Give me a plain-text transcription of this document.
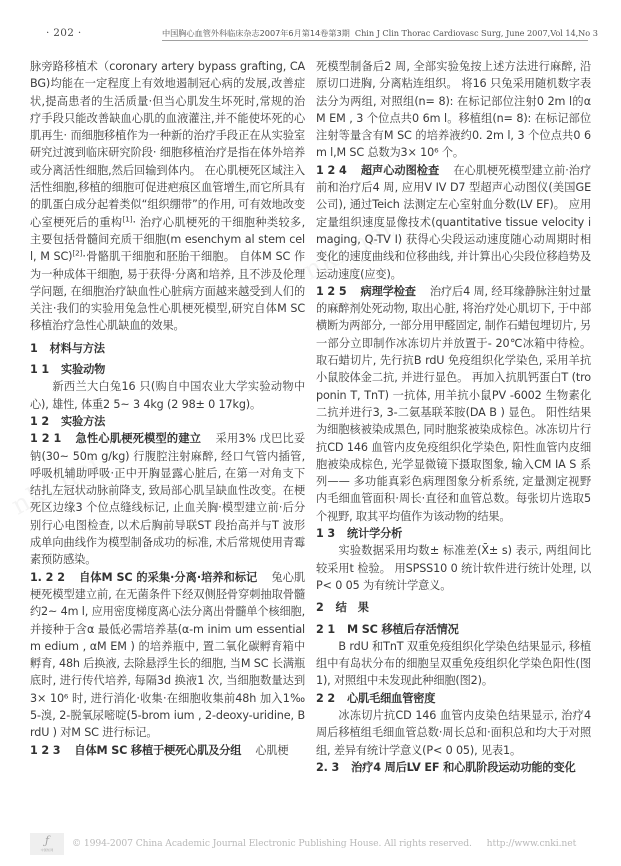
· 202 ·	中国胸心血管外科临床杂志2007年6月第14卷第3期 Chin J Clin Thorac Cardiovasc Surg, June 2007,Vol 14,No 3

脉旁路移植术（coronary artery bypass grafting, CABG)均能在一定程度上有效地遏制冠心病的发展,改善症状,提高患者的生活质量·但当心肌发生坏死时,常规的治疗手段只能改善缺血心肌的血液灌注,并不能使坏死的心肌再生· 而细胞移植作为一种新的治疗手段正在从实验室研究过渡到临床研究阶段· 细胞移植治疗是指在体外培养或分离活性细胞,然后回输到体内。 在心肌梗死区域注入活性细胞,移植的细胞可促进疤痕区血管增生,而它所具有的肌蛋白成分起着类似“组织绷带”的作用, 可有效地改变心室梗死后的重构[1]· 治疗心肌梗死的干细胞种类较多, 主要包括骨髓间充质干细胞(m esenchym al stem cell, M SC)[2]·骨骼肌干细胞和胚胎干细胞。 自体M SC 作为一种成体干细胞, 易于获得·分离和培养, 且不涉及伦理学问题, 在细胞治疗缺血性心脏病方面越来越受到人们的关注·我们的实验用兔急性心肌梗死模型,研究自体M SC 移植治疗急性心肌缺血的效果。

1 材料与方法

1 1 实验动物

新西兰大白兔16 只(购自中国农业大学实验动物中心), 雄性, 体重2 5~ 3 4kg (2 98± 0 17kg)。

1 2 实验方法

1 2 1 急性心肌梗死模型的建立 采用3% 戊巴比妥钠(30~ 50m g/kg) 行腹腔注射麻醉, 经口气管内插管, 呼吸机辅助呼吸·正中开胸显露心脏后, 在第一对角支下结扎左冠状动脉前降支, 致局部心肌呈缺血性改变。在梗死区边缘3 个位点缝线标记, 止血关胸·模型建立前·后分别行心电图检查, 以术后胸前导联ST 段抬高并与T 波形成单向曲线作为模型制备成功的标准, 术后常规使用青霉素预防感染。

1. 2 2 自体M SC 的采集·分离·培养和标记 兔心肌梗死模型建立前, 在无菌条件下经双侧胫骨穿刺抽取骨髓约2~ 4m l, 应用密度梯度离心法分离出骨髓单个核细胞, 并接种于含α 最低必需培养基(α-m inim um essential m edium , αM EM ) 的培养瓶中, 置二氧化碳孵育箱中孵育, 48h 后换液, 去除悬浮生长的细胞, 当M SC 长满瓶底时, 进行传代培养, 每隔3d 换液1 次, 当细胞数量达到3× 10⁶ 时, 进行消化·收集·在细胞收集前48h 加入1‰ 5-溴, 2-脱氧尿嘧啶(5-brom ium , 2-deoxy-uridine, B rdU ) 对M SC 进行标记。

1 2 3 自体M SC 移植于梗死心肌及分组 心肌梗

死模型制备后2 周, 全部实验兔按上述方法进行麻醉, 沿原切口进胸, 分离粘连组织。 将16 只兔采用随机数字表法分为两组, 对照组(n= 8): 在标记部位注射0 2m l的αM EM , 3 个位点共0 6m l。移植组(n= 8): 在标记部位注射等量含有M SC 的培养液约0. 2m l, 3 个位点共0 6m l,M SC 总数为3× 10⁶ 个。

1 2 4 超声心动图检查 在心肌梗死模型建立前·治疗前和治疗后4 周, 应用V IV D7 型超声心动图仪(美国GE 公司), 通过Teich 法测定左心室射血分数(LV EF)。 应用定量组织速度显像技术(quantitative tissue velocity imaging, Q-TV I) 获得心尖段运动速度随心动周期时相变化的速度曲线和位移曲线, 并计算出心尖段位移趋势及运动速度(应变)。

1 2 5 病理学检查 治疗后4 周, 经耳缘静脉注射过量的麻醉剂处死动物, 取出心脏, 将治疗处心肌切下, 于中部横断为两部分, 一部分用甲醛固定, 制作石蜡包埋切片, 另一部分立即制作冰冻切片并放置于- 20℃冰箱中待检。取石蜡切片, 先行抗B rdU 免疫组织化学染色, 采用羊抗小鼠胶体金二抗, 并进行显色。 再加入抗肌钙蛋白T (troponin T, TnT) 一抗体, 用羊抗小鼠PV -6002 生物素化二抗并进行3, 3-二氨基联苯胺(DA B ) 显色。 阳性结果为细胞核被染成黑色, 同时胞浆被染成棕色。冰冻切片行抗CD 146 血管内皮免疫组织化学染色, 阳性血管内皮细胞被染成棕色, 光学显微镜下摄取图象, 输入CM IA S 系列—— 多功能真彩色病理图象分析系统, 定量测定视野内毛细血管面积·周长·直径和血管总数。每张切片选取5 个视野, 取其平均值作为该动物的结果。

1 3 统计学分析

实验数据采用均数± 标准差(X̄± s) 表示, 两组间比较采用t 检验。 用SPSS10 0 统计软件进行统计处理, 以P< 0 05 为有统计学意义。

2 结　果

2 1 M SC 移植后存活情况

B rdU 和TnT 双重免疫组织化学染色结果显示, 移植组中有岛状分布的细胞呈双重免疫组织化学染色阳性(图1), 对照组中未发现此种细胞(图2)。

2 2 心肌毛细血管密度

冰冻切片抗CD 146 血管内皮染色结果显示, 治疗4 周后移植组毛细血管总数·周长总和·面积总和均大于对照组, 差异有统计学意义(P< 0 05), 见表1。

2. 3 治疗4 周后LV EF 和心肌阶段运动功能的变化

ƒ
中国知网
© 1994-2007 China Academic Journal Electronic Publishing House. All rights reserved. http://www.cnki.net
